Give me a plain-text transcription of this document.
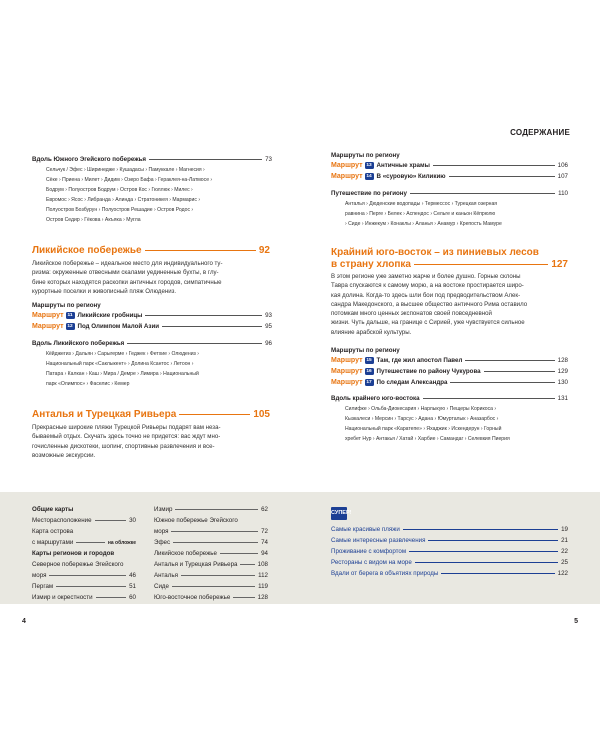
СОДЕРЖАНИЕ
Вдоль Южного Эгейского побережья	73
Сельчук / Эфес › Ширинедже › Кушадасы › Памуккале › Магнесия ›
Сёке › Приена › Милет › Дидим › Озеро Бафа › Гераклея-на-Латмосе ›
Бодрум › Полуостров Бодрум › Остров Кос › Гюллюк › Милес ›
Евромос › Ясос › Либранда › Алинда › Стратоникея › Мармарис ›
Полуостров Бозбурун › Полуостров Решадие › Остров Родос ›
Остров Седир › Гёкова › Акъяка › Мугла
Ликийское побережье	92
Ликийское побережье – идеальное место для индивидуального ту-
ризма: окруженные отвесными скалами уединенные бухты, в глу-
бине которых находятся раскопки античных городов, симпатичные
курортные поселки и живописный пляж Олюдениз.
Маршруты по региону
Маршрут 11 Ликийские гробницы	93
Маршрут 12 Под Олимпом Малой Азии	95
Вдоль Ликийского побережья	96
Кёйджегиз › Дальян › Сарыгерме › Геджек › Фетхие › Олюдениз ›
Национальный парк «Саклыкент» › Долина Ксантос › Летоон ›
Патара › Калкан › Каш › Мира / Демре › Лимира › Национальный
парк «Олимпос» › Фаселис › Кемер
Анталья и Турецкая Ривьера	105
Прекрасные широкие пляжи Турецкой Ривьеры подарят вам неза-
бываемый отдых. Скучать здесь точно не придется: вас ждут мно-
гочисленные дискотеки, шопинг, спортивные развлечения и все-
возможные экскурсии.
Маршруты по региону
Маршрут 13 Античные храмы	106
Маршрут 14 В «суровую» Киликию	107
Путешествие по региону	110
Анталья › Дюденские водопады › Термессос › Турецкая озерная
равнина › Перге › Белек › Аспендос › Сельге и каньон Кёпрюлю
› Сиде › Инжекум › Конаклы › Аланья › Анамур › Крепость Мамуре
Крайний юго-восток – из пиниевых лесов
в страну хлопка	127
В этом регионе уже заметно жарче и более душно. Горные склоны
Тавра спускаются к самому морю, а на востоке простирается широ-
кая долина. Когда-то здесь шли бои под предводительством Алек-
сандра Македонского, а высшее общество античного Рима оставило
потомкам много ценных экспонатов своей повседневной
жизни. Чуть дальше, на границе с Сирией, уже чувствуется сильное
влияние арабской культуры.
Маршруты по региону
Маршрут 15 Там, где жил апостол Павел	128
Маршрут 16 Путешествие по району Чукурова	129
Маршрут 17 По следам Александра	130
Вдоль крайнего юго-востока	131
Силифке › Ольба-Диокесария › Нарлыкую › Пещеры Корикоса ›
Кызкалеси › Мерсин › Тарсус › Адана › Юмурталык › Аназарбос ›
Национальный парк «Каратепе» › Яхаджик › Искендерун › Горный
хребет Нур › Антакья / Хатай › Харбие › Самандаг › Селевкия Пиерия
Общие карты
Месторасположение	30
Карта острова
с маршрутами	на обложке
Карты регионов и городов
Северное побережье Эгейского
моря	46
Пергам	51
Измир и окрестности	60
Измир	62
Южное побережье Эгейского
моря	72
Эфес	74
Ликийское побережье	94
Анталья и Турецкая Ривьера	108
Анталья	112
Сиде	119
Юго-восточное побережье	128
СУПЕР!
Самые красивые пляжи	19
Самые интересные развлечения	21
Проживание с комфортом	22
Рестораны с видом на море	25
Вдали от берега в объятиях природы	122
4	5
